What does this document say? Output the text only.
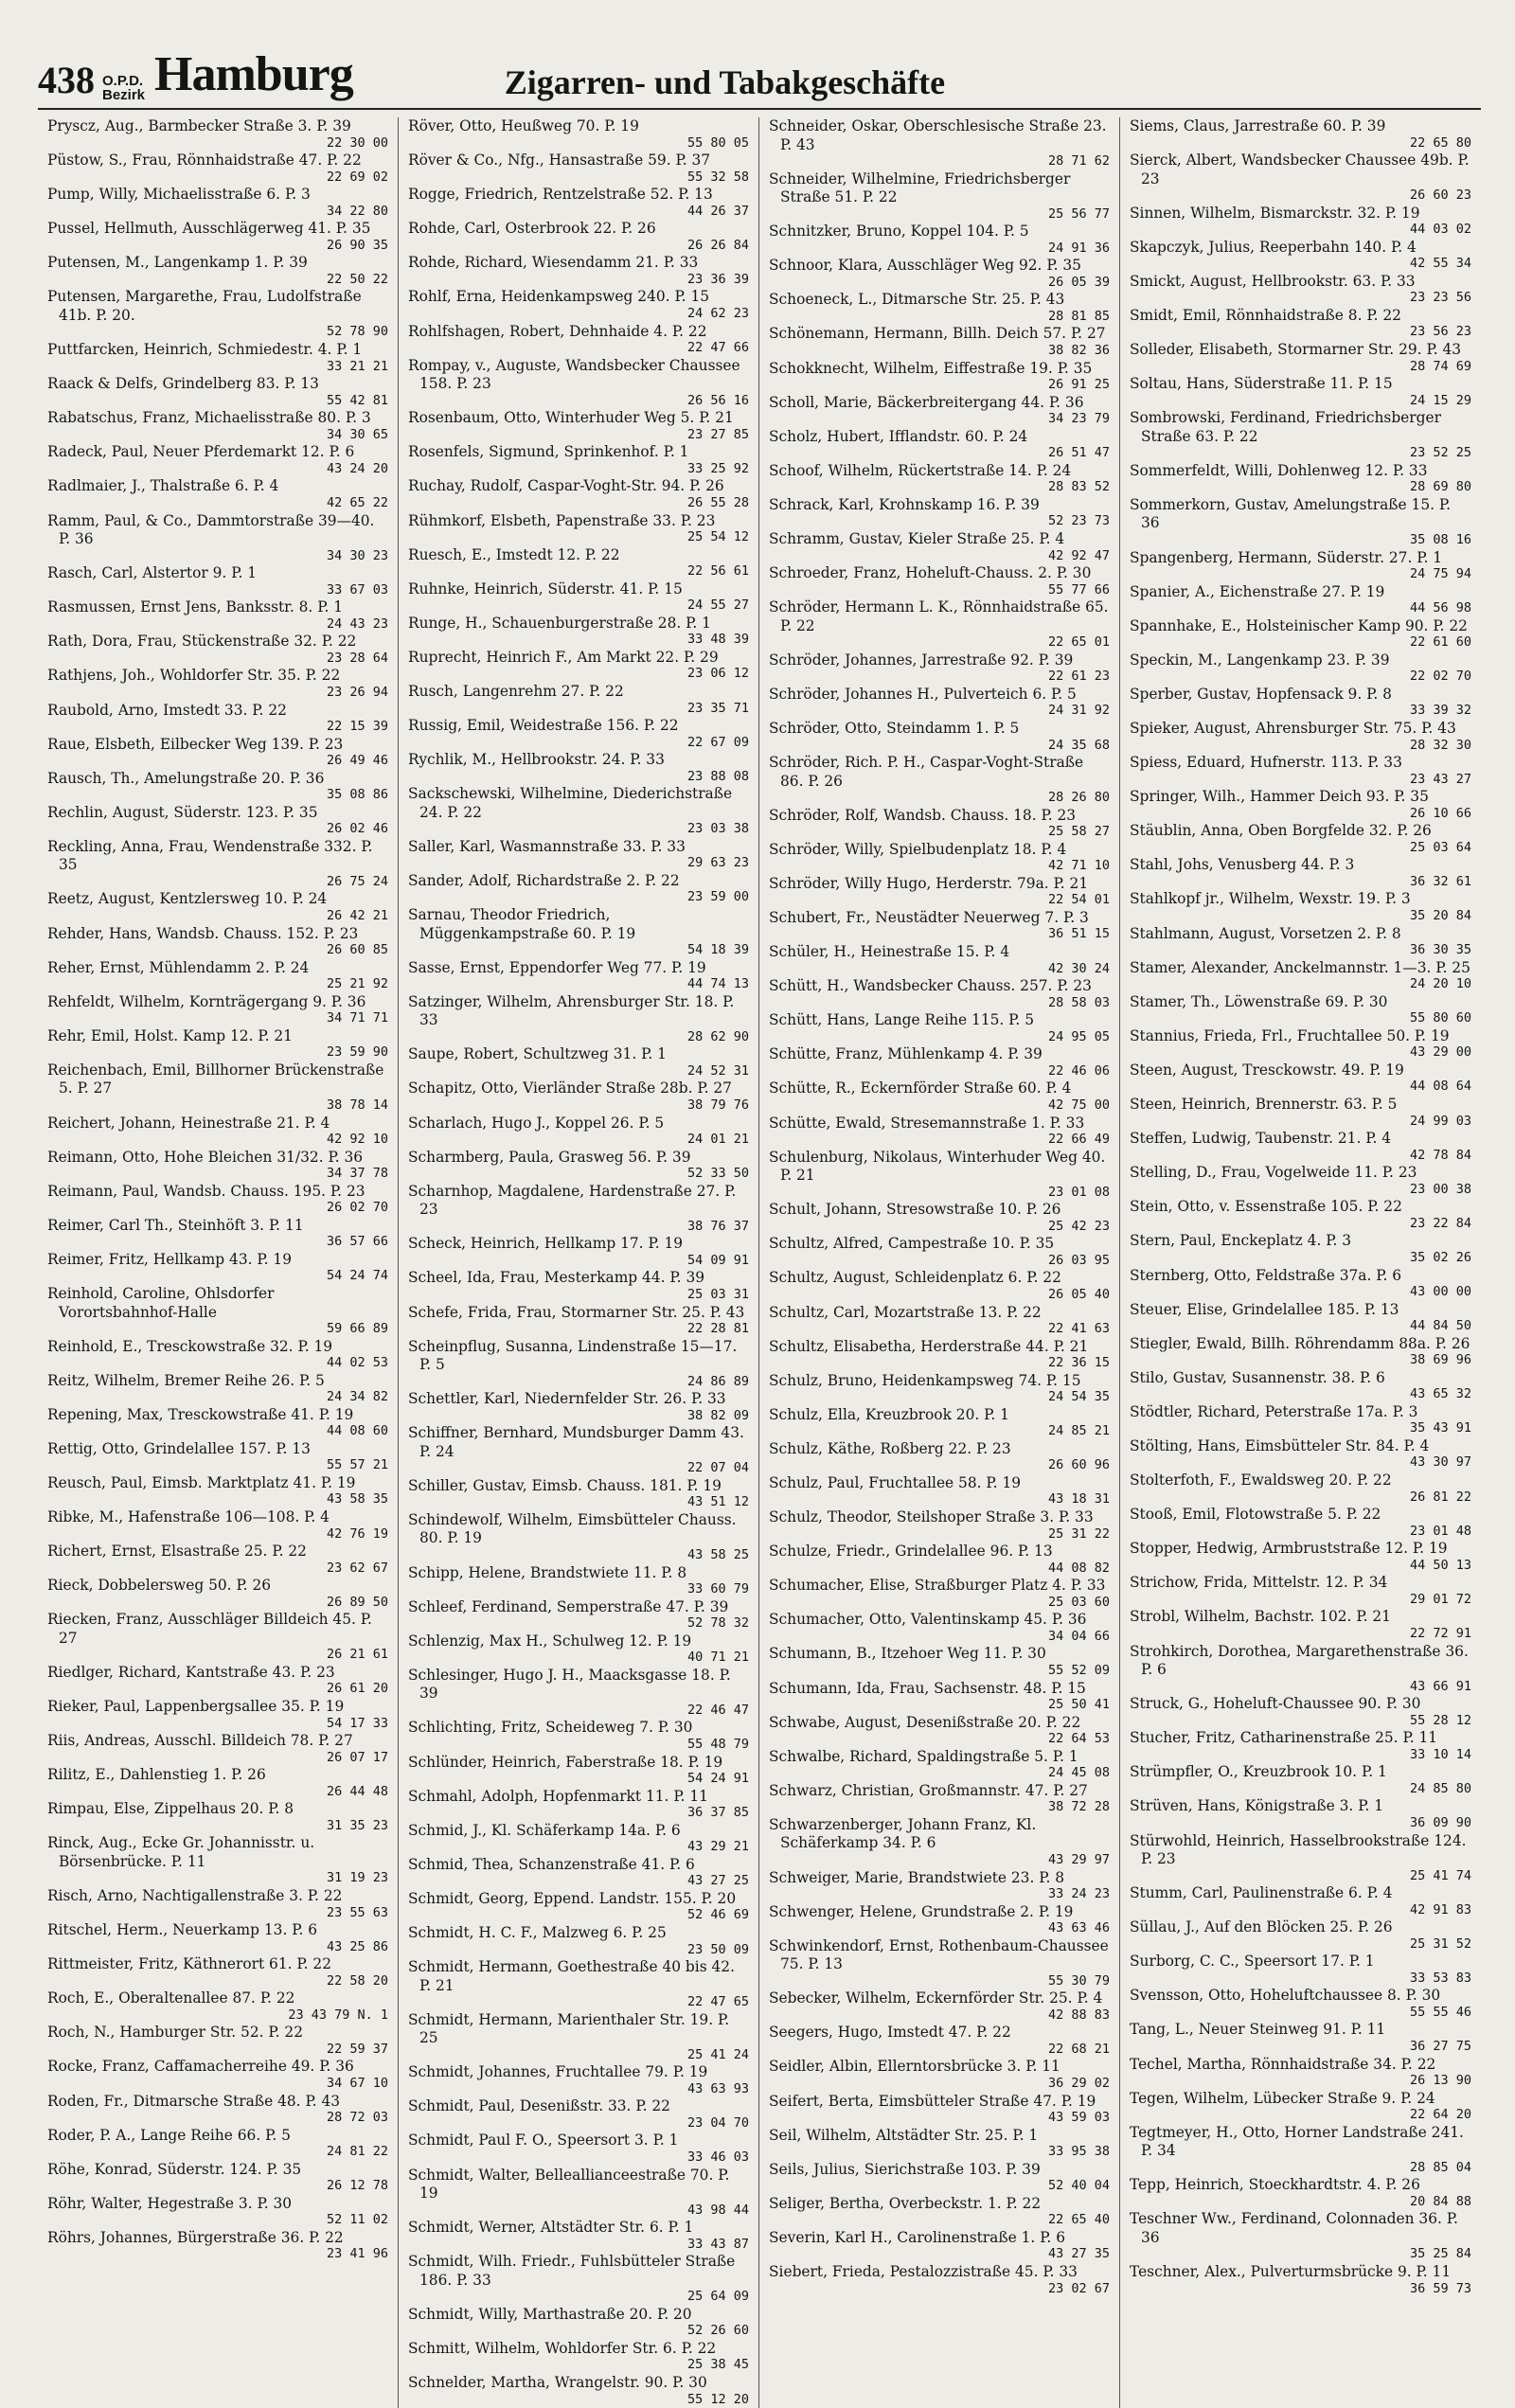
438 O.P.D.
Bezirk Hamburg	Zigarren- und Tabakgeschäfte
Pryscz, Aug., Barmbecker Straße 3. P. 39
22 30 00
Püstow, S., Frau, Rönnhaidstraße 47. P. 22
22 69 02
Pump, Willy, Michaelisstraße 6. P. 3
34 22 80
Pussel, Hellmuth, Ausschlägerweg 41. P. 35
26 90 35
Putensen, M., Langenkamp 1. P. 39
22 50 22
Putensen, Margarethe, Frau, Ludolfstraße 41b. P. 20.
52 78 90
Puttfarcken, Heinrich, Schmiedestr. 4. P. 1
33 21 21
Raack & Delfs, Grindelberg 83. P. 13
55 42 81
Rabatschus, Franz, Michaelisstraße 80. P. 3
34 30 65
Radeck, Paul, Neuer Pferdemarkt 12. P. 6
43 24 20
Radlmaier, J., Thalstraße 6. P. 4
42 65 22
Ramm, Paul, & Co., Dammtorstraße 39—40. P. 36
34 30 23
Rasch, Carl, Alstertor 9. P. 1
33 67 03
Rasmussen, Ernst Jens, Banksstr. 8. P. 1
24 43 23
Rath, Dora, Frau, Stückenstraße 32. P. 22
23 28 64
Rathjens, Joh., Wohldorfer Str. 35. P. 22
23 26 94
Raubold, Arno, Imstedt 33. P. 22
22 15 39
Raue, Elsbeth, Eilbecker Weg 139. P. 23
26 49 46
Rausch, Th., Amelungstraße 20. P. 36
35 08 86
Rechlin, August, Süderstr. 123. P. 35
26 02 46
Reckling, Anna, Frau, Wendenstraße 332. P. 35
26 75 24
Reetz, August, Kentzlersweg 10. P. 24
26 42 21
Rehder, Hans, Wandsb. Chauss. 152. P. 23
26 60 85
Reher, Ernst, Mühlendamm 2. P. 24
25 21 92
Rehfeldt, Wilhelm, Kornträgergang 9. P. 36
34 71 71
Rehr, Emil, Holst. Kamp 12. P. 21
23 59 90
Reichenbach, Emil, Billhorner Brückenstraße 5. P. 27
38 78 14
Reichert, Johann, Heinestraße 21. P. 4
42 92 10
Reimann, Otto, Hohe Bleichen 31/32. P. 36
34 37 78
Reimann, Paul, Wandsb. Chauss. 195. P. 23
26 02 70
Reimer, Carl Th., Steinhöft 3. P. 11
36 57 66
Reimer, Fritz, Hellkamp 43. P. 19
54 24 74
Reinhold, Caroline, Ohlsdorfer Vorortsbahnhof-Halle
59 66 89
Reinhold, E., Tresckowstraße 32. P. 19
44 02 53
Reitz, Wilhelm, Bremer Reihe 26. P. 5
24 34 82
Repening, Max, Tresckowstraße 41. P. 19
44 08 60
Rettig, Otto, Grindelallee 157. P. 13
55 57 21
Reusch, Paul, Eimsb. Marktplatz 41. P. 19
43 58 35
Ribke, M., Hafenstraße 106—108. P. 4
42 76 19
Richert, Ernst, Elsastraße 25. P. 22
23 62 67
Rieck, Dobbelersweg 50. P. 26
26 89 50
Riecken, Franz, Ausschläger Billdeich 45. P. 27
26 21 61
Riedlger, Richard, Kantstraße 43. P. 23
26 61 20
Rieker, Paul, Lappenbergsallee 35. P. 19
54 17 33
Riis, Andreas, Ausschl. Billdeich 78. P. 27
26 07 17
Rilitz, E., Dahlenstieg 1. P. 26
26 44 48
Rimpau, Else, Zippelhaus 20. P. 8
31 35 23
Rinck, Aug., Ecke Gr. Johannisstr. u. Börsenbrücke. P. 11
31 19 23
Risch, Arno, Nachtigallenstraße 3. P. 22
23 55 63
Ritschel, Herm., Neuerkamp 13. P. 6
43 25 86
Rittmeister, Fritz, Käthnerort 61. P. 22
22 58 20
Roch, E., Oberaltenallee 87. P. 22
23 43 79 N. 1
Roch, N., Hamburger Str. 52. P. 22
22 59 37
Rocke, Franz, Caffamacherreihe 49. P. 36
34 67 10
Roden, Fr., Ditmarsche Straße 48. P. 43
28 72 03
Roder, P. A., Lange Reihe 66. P. 5
24 81 22
Röhe, Konrad, Süderstr. 124. P. 35
26 12 78
Röhr, Walter, Hegestraße 3. P. 30
52 11 02
Röhrs, Johannes, Bürgerstraße 36. P. 22
23 41 96
Röver, Otto, Heußweg 70. P. 19
55 80 05
Röver & Co., Nfg., Hansastraße 59. P. 37
55 32 58
Rogge, Friedrich, Rentzelstraße 52. P. 13
44 26 37
Rohde, Carl, Osterbrook 22. P. 26
26 26 84
Rohde, Richard, Wiesendamm 21. P. 33
23 36 39
Rohlf, Erna, Heidenkampsweg 240. P. 15
24 62 23
Rohlfshagen, Robert, Dehnhaide 4. P. 22
22 47 66
Rompay, v., Auguste, Wandsbecker Chaussee 158. P. 23
26 56 16
Rosenbaum, Otto, Winterhuder Weg 5. P. 21
23 27 85
Rosenfels, Sigmund, Sprinkenhof. P. 1
33 25 92
Ruchay, Rudolf, Caspar-Voght-Str. 94. P. 26
26 55 28
Rühmkorf, Elsbeth, Papenstraße 33. P. 23
25 54 12
Ruesch, E., Imstedt 12. P. 22
22 56 61
Ruhnke, Heinrich, Süderstr. 41. P. 15
24 55 27
Runge, H., Schauenburgerstraße 28. P. 1
33 48 39
Ruprecht, Heinrich F., Am Markt 22. P. 29
23 06 12
Rusch, Langenrehm 27. P. 22
23 35 71
Russig, Emil, Weidestraße 156. P. 22
22 67 09
Rychlik, M., Hellbrookstr. 24. P. 33
23 88 08
Sackschewski, Wilhelmine, Diederichstraße 24. P. 22
23 03 38
Saller, Karl, Wasmannstraße 33. P. 33
29 63 23
Sander, Adolf, Richardstraße 2. P. 22
23 59 00
Sarnau, Theodor Friedrich, Müggenkampstraße 60. P. 19
54 18 39
Sasse, Ernst, Eppendorfer Weg 77. P. 19
44 74 13
Satzinger, Wilhelm, Ahrensburger Str. 18. P. 33
28 62 90
Saupe, Robert, Schultzweg 31. P. 1
24 52 31
Schapitz, Otto, Vierländer Straße 28b. P. 27
38 79 76
Scharlach, Hugo J., Koppel 26. P. 5
24 01 21
Scharmberg, Paula, Grasweg 56. P. 39
52 33 50
Scharnhop, Magdalene, Hardenstraße 27. P. 23
38 76 37
Scheck, Heinrich, Hellkamp 17. P. 19
54 09 91
Scheel, Ida, Frau, Mesterkamp 44. P. 39
25 03 31
Schefe, Frida, Frau, Stormarner Str. 25. P. 43
22 28 81
Scheinpflug, Susanna, Lindenstraße 15—17. P. 5
24 86 89
Schettler, Karl, Niedernfelder Str. 26. P. 33
38 82 09
Schiffner, Bernhard, Mundsburger Damm 43. P. 24
22 07 04
Schiller, Gustav, Eimsb. Chauss. 181. P. 19
43 51 12
Schindewolf, Wilhelm, Eimsbütteler Chauss. 80. P. 19
43 58 25
Schipp, Helene, Brandstwiete 11. P. 8
33 60 79
Schleef, Ferdinand, Semperstraße 47. P. 39
52 78 32
Schlenzig, Max H., Schulweg 12. P. 19
40 71 21
Schlesinger, Hugo J. H., Maacksgasse 18. P. 39
22 46 47
Schlichting, Fritz, Scheideweg 7. P. 30
55 48 79
Schlünder, Heinrich, Faberstraße 18. P. 19
54 24 91
Schmahl, Adolph, Hopfenmarkt 11. P. 11
36 37 85
Schmid, J., Kl. Schäferkamp 14a. P. 6
43 29 21
Schmid, Thea, Schanzenstraße 41. P. 6
43 27 25
Schmidt, Georg, Eppend. Landstr. 155. P. 20
52 46 69
Schmidt, H. C. F., Malzweg 6. P. 25
23 50 09
Schmidt, Hermann, Goethestraße 40 bis 42. P. 21
22 47 65
Schmidt, Hermann, Marienthaler Str. 19. P. 25
25 41 24
Schmidt, Johannes, Fruchtallee 79. P. 19
43 63 93
Schmidt, Paul, Desenißstr. 33. P. 22
23 04 70
Schmidt, Paul F. O., Speersort 3. P. 1
33 46 03
Schmidt, Walter, Belleallianceestraße 70. P. 19
43 98 44
Schmidt, Werner, Altstädter Str. 6. P. 1
33 43 87
Schmidt, Wilh. Friedr., Fuhlsbütteler Straße 186. P. 33
25 64 09
Schmidt, Willy, Marthastraße 20. P. 20
52 26 60
Schmitt, Wilhelm, Wohldorfer Str. 6. P. 22
25 38 45
Schnelder, Martha, Wrangelstr. 90. P. 30
55 12 20
Schneider, Oskar, Oberschlesische Straße 23. P. 43
28 71 62
Schneider, Wilhelmine, Friedrichsberger Straße 51. P. 22
25 56 77
Schnitzker, Bruno, Koppel 104. P. 5
24 91 36
Schnoor, Klara, Ausschläger Weg 92. P. 35
26 05 39
Schoeneck, L., Ditmarsche Str. 25. P. 43
28 81 85
Schönemann, Hermann, Billh. Deich 57. P. 27
38 82 36
Schokknecht, Wilhelm, Eiffestraße 19. P. 35
26 91 25
Scholl, Marie, Bäckerbreitergang 44. P. 36
34 23 79
Scholz, Hubert, Ifflandstr. 60. P. 24
26 51 47
Schoof, Wilhelm, Rückertstraße 14. P. 24
28 83 52
Schrack, Karl, Krohnskamp 16. P. 39
52 23 73
Schramm, Gustav, Kieler Straße 25. P. 4
42 92 47
Schroeder, Franz, Hoheluft-Chauss. 2. P. 30
55 77 66
Schröder, Hermann L. K., Rönnhaidstraße 65. P. 22
22 65 01
Schröder, Johannes, Jarrestraße 92. P. 39
22 61 23
Schröder, Johannes H., Pulverteich 6. P. 5
24 31 92
Schröder, Otto, Steindamm 1. P. 5
24 35 68
Schröder, Rich. P. H., Caspar-Voght-Straße 86. P. 26
28 26 80
Schröder, Rolf, Wandsb. Chauss. 18. P. 23
25 58 27
Schröder, Willy, Spielbudenplatz 18. P. 4
42 71 10
Schröder, Willy Hugo, Herderstr. 79a. P. 21
22 54 01
Schubert, Fr., Neustädter Neuerweg 7. P. 3
36 51 15
Schüler, H., Heinestraße 15. P. 4
42 30 24
Schütt, H., Wandsbecker Chauss. 257. P. 23
28 58 03
Schütt, Hans, Lange Reihe 115. P. 5
24 95 05
Schütte, Franz, Mühlenkamp 4. P. 39
22 46 06
Schütte, R., Eckernförder Straße 60. P. 4
42 75 00
Schütte, Ewald, Stresemannstraße 1. P. 33
22 66 49
Schulenburg, Nikolaus, Winterhuder Weg 40. P. 21
23 01 08
Schult, Johann, Stresowstraße 10. P. 26
25 42 23
Schultz, Alfred, Campestraße 10. P. 35
26 03 95
Schultz, August, Schleidenplatz 6. P. 22
26 05 40
Schultz, Carl, Mozartstraße 13. P. 22
22 41 63
Schultz, Elisabetha, Herderstraße 44. P. 21
22 36 15
Schulz, Bruno, Heidenkampsweg 74. P. 15
24 54 35
Schulz, Ella, Kreuzbrook 20. P. 1
24 85 21
Schulz, Käthe, Roßberg 22. P. 23
26 60 96
Schulz, Paul, Fruchtallee 58. P. 19
43 18 31
Schulz, Theodor, Steilshoper Straße 3. P. 33
25 31 22
Schulze, Friedr., Grindelallee 96. P. 13
44 08 82
Schumacher, Elise, Straßburger Platz 4. P. 33
25 03 60
Schumacher, Otto, Valentinskamp 45. P. 36
34 04 66
Schumann, B., Itzehoer Weg 11. P. 30
55 52 09
Schumann, Ida, Frau, Sachsenstr. 48. P. 15
25 50 41
Schwabe, August, Desenißstraße 20. P. 22
22 64 53
Schwalbe, Richard, Spaldingstraße 5. P. 1
24 45 08
Schwarz, Christian, Großmannstr. 47. P. 27
38 72 28
Schwarzenberger, Johann Franz, Kl. Schäferkamp 34. P. 6
43 29 97
Schweiger, Marie, Brandstwiete 23. P. 8
33 24 23
Schwenger, Helene, Grundstraße 2. P. 19
43 63 46
Schwinkendorf, Ernst, Rothenbaum-Chaussee 75. P. 13
55 30 79
Sebecker, Wilhelm, Eckernförder Str. 25. P. 4
42 88 83
Seegers, Hugo, Imstedt 47. P. 22
22 68 21
Seidler, Albin, Ellerntorsbrücke 3. P. 11
36 29 02
Seifert, Berta, Eimsbütteler Straße 47. P. 19
43 59 03
Seil, Wilhelm, Altstädter Str. 25. P. 1
33 95 38
Seils, Julius, Sierichstraße 103. P. 39
52 40 04
Seliger, Bertha, Overbeckstr. 1. P. 22
22 65 40
Severin, Karl H., Carolinenstraße 1. P. 6
43 27 35
Siebert, Frieda, Pestalozzistraße 45. P. 33
23 02 67
Siems, Claus, Jarrestraße 60. P. 39
22 65 80
Sierck, Albert, Wandsbecker Chaussee 49b. P. 23
26 60 23
Sinnen, Wilhelm, Bismarckstr. 32. P. 19
44 03 02
Skapczyk, Julius, Reeperbahn 140. P. 4
42 55 34
Smickt, August, Hellbrookstr. 63. P. 33
23 23 56
Smidt, Emil, Rönnhaidstraße 8. P. 22
23 56 23
Solleder, Elisabeth, Stormarner Str. 29. P. 43
28 74 69
Soltau, Hans, Süderstraße 11. P. 15
24 15 29
Sombrowski, Ferdinand, Friedrichsberger Straße 63. P. 22
23 52 25
Sommerfeldt, Willi, Dohlenweg 12. P. 33
28 69 80
Sommerkorn, Gustav, Amelungstraße 15. P. 36
35 08 16
Spangenberg, Hermann, Süderstr. 27. P. 1
24 75 94
Spanier, A., Eichenstraße 27. P. 19
44 56 98
Spannhake, E., Holsteinischer Kamp 90. P. 22
22 61 60
Speckin, M., Langenkamp 23. P. 39
22 02 70
Sperber, Gustav, Hopfensack 9. P. 8
33 39 32
Spieker, August, Ahrensburger Str. 75. P. 43
28 32 30
Spiess, Eduard, Hufnerstr. 113. P. 33
23 43 27
Springer, Wilh., Hammer Deich 93. P. 35
26 10 66
Stäublin, Anna, Oben Borgfelde 32. P. 26
25 03 64
Stahl, Johs, Venusberg 44. P. 3
36 32 61
Stahlkopf jr., Wilhelm, Wexstr. 19. P. 3
35 20 84
Stahlmann, August, Vorsetzen 2. P. 8
36 30 35
Stamer, Alexander, Anckelmannstr. 1—3. P. 25
24 20 10
Stamer, Th., Löwenstraße 69. P. 30
55 80 60
Stannius, Frieda, Frl., Fruchtallee 50. P. 19
43 29 00
Steen, August, Tresckowstr. 49. P. 19
44 08 64
Steen, Heinrich, Brennerstr. 63. P. 5
24 99 03
Steffen, Ludwig, Taubenstr. 21. P. 4
42 78 84
Stelling, D., Frau, Vogelweide 11. P. 23
23 00 38
Stein, Otto, v. Essenstraße 105. P. 22
23 22 84
Stern, Paul, Enckeplatz 4. P. 3
35 02 26
Sternberg, Otto, Feldstraße 37a. P. 6
43 00 00
Steuer, Elise, Grindelallee 185. P. 13
44 84 50
Stiegler, Ewald, Billh. Röhrendamm 88a. P. 26
38 69 96
Stilo, Gustav, Susannenstr. 38. P. 6
43 65 32
Stödtler, Richard, Peterstraße 17a. P. 3
35 43 91
Stölting, Hans, Eimsbütteler Str. 84. P. 4
43 30 97
Stolterfoth, F., Ewaldsweg 20. P. 22
26 81 22
Stooß, Emil, Flotowstraße 5. P. 22
23 01 48
Stopper, Hedwig, Armbruststraße 12. P. 19
44 50 13
Strichow, Frida, Mittelstr. 12. P. 34
29 01 72
Strobl, Wilhelm, Bachstr. 102. P. 21
22 72 91
Strohkirch, Dorothea, Margarethenstraße 36. P. 6
43 66 91
Struck, G., Hoheluft-Chaussee 90. P. 30
55 28 12
Stucher, Fritz, Catharinenstraße 25. P. 11
33 10 14
Strümpfler, O., Kreuzbrook 10. P. 1
24 85 80
Strüven, Hans, Königstraße 3. P. 1
36 09 90
Stürwohld, Heinrich, Hasselbrookstraße 124. P. 23
25 41 74
Stumm, Carl, Paulinenstraße 6. P. 4
42 91 83
Süllau, J., Auf den Blöcken 25. P. 26
25 31 52
Surborg, C. C., Speersort 17. P. 1
33 53 83
Svensson, Otto, Hoheluftchaussee 8. P. 30
55 55 46
Tang, L., Neuer Steinweg 91. P. 11
36 27 75
Techel, Martha, Rönnhaidstraße 34. P. 22
26 13 90
Tegen, Wilhelm, Lübecker Straße 9. P. 24
22 64 20
Tegtmeyer, H., Otto, Horner Landstraße 241. P. 34
28 85 04
Tepp, Heinrich, Stoeckhardtstr. 4. P. 26
20 84 88
Teschner Ww., Ferdinand, Colonnaden 36. P. 36
35 25 84
Teschner, Alex., Pulverturmsbrücke 9. P. 11
36 59 73
